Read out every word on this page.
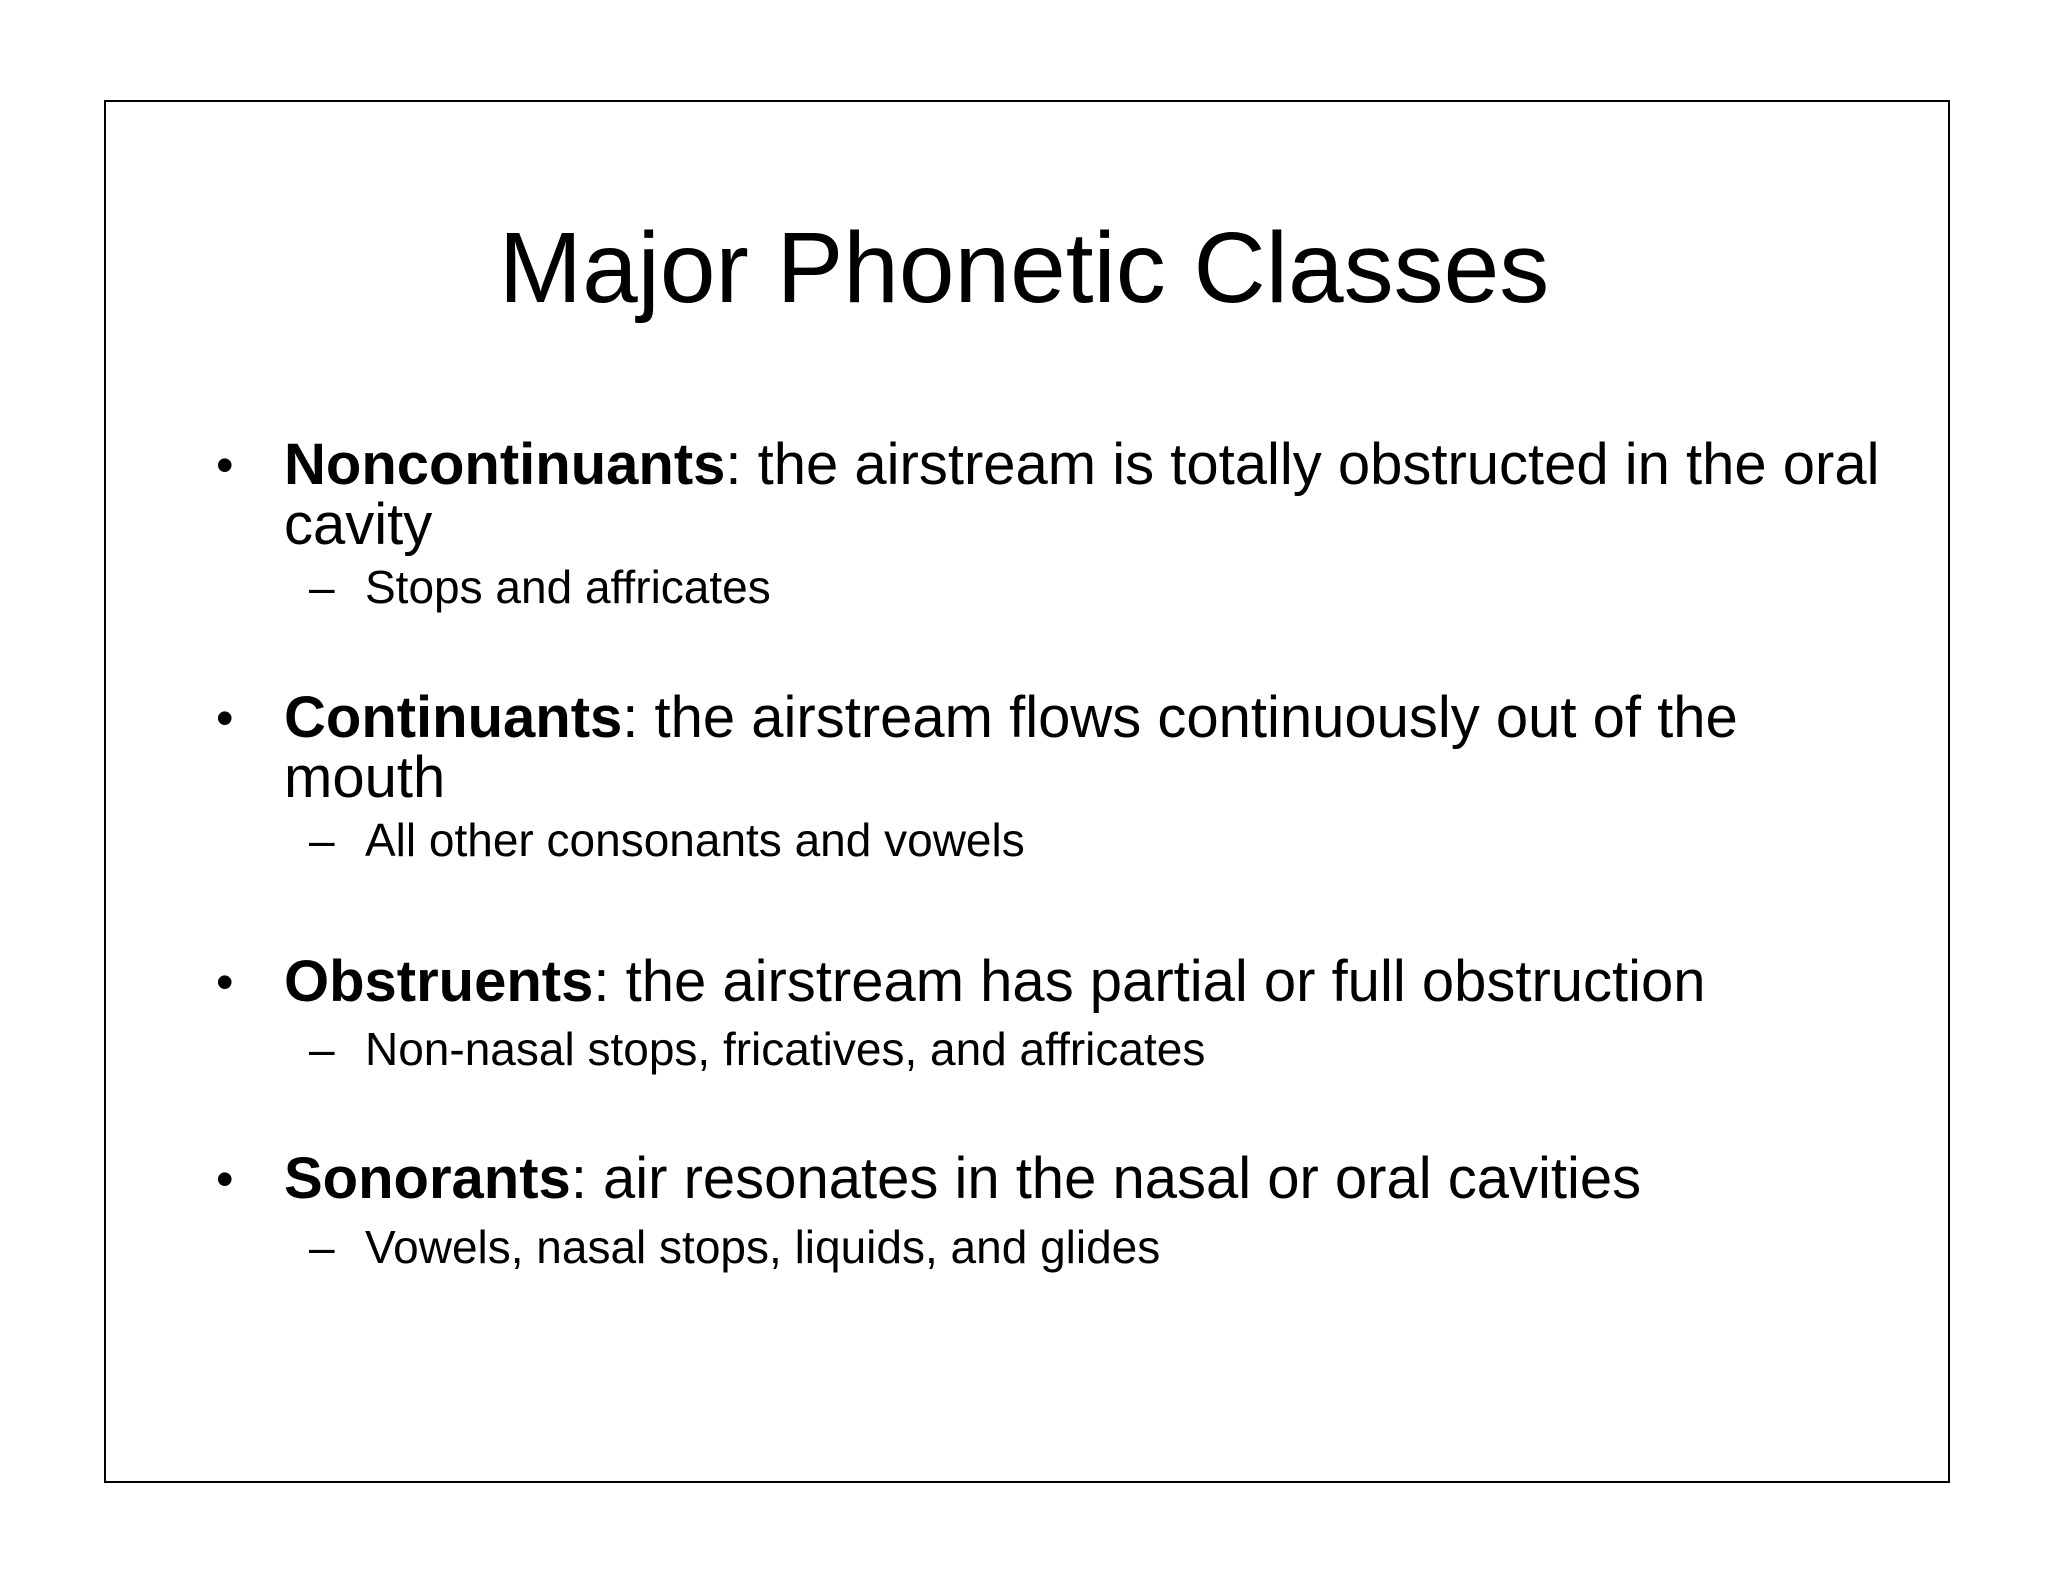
Major Phonetic Classes
• Noncontinuants: the airstream is totally obstructed in the oral cavity
– Stops and affricates
• Continuants: the airstream flows continuously out of the mouth
– All other consonants and vowels
• Obstruents: the airstream has partial or full obstruction
– Non-nasal stops, fricatives, and affricates
• Sonorants: air resonates in the nasal or oral cavities
– Vowels, nasal stops, liquids, and glides
